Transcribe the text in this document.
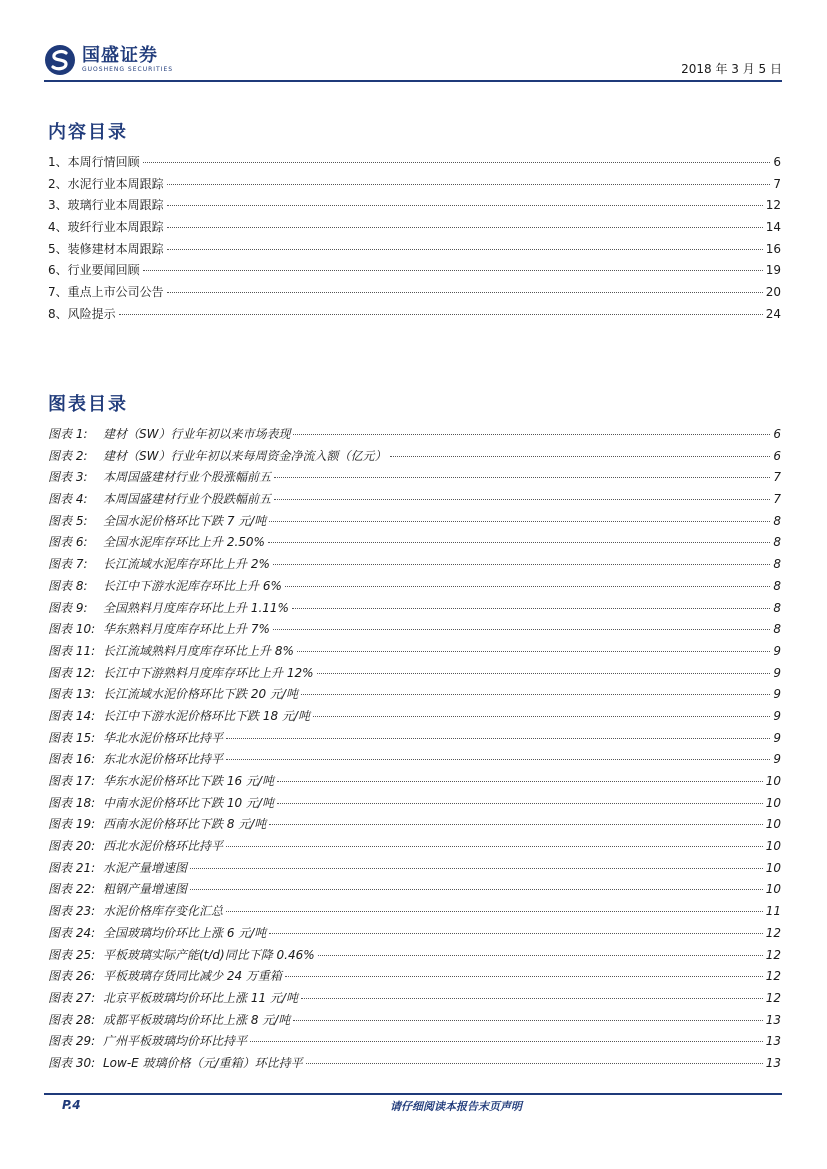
国盛证券
GUOSHENG SECURITIES	2018 年 3 月 5 日
内容目录
1、本周行情回顾	6
2、水泥行业本周跟踪	7
3、玻璃行业本周跟踪	12
4、玻纤行业本周跟踪	14
5、装修建材本周跟踪	16
6、行业要闻回顾	19
7、重点上市公司公告	20
8、风险提示	24
图表目录
图表 1: 建材（SW）行业年初以来市场表现	6
图表 2: 建材（SW）行业年初以来每周资金净流入额（亿元）	6
图表 3: 本周国盛建材行业个股涨幅前五	7
图表 4: 本周国盛建材行业个股跌幅前五	7
图表 5: 全国水泥价格环比下跌 7 元/吨	8
图表 6: 全国水泥库存环比上升 2.50%	8
图表 7: 长江流域水泥库存环比上升 2%	8
图表 8: 长江中下游水泥库存环比上升 6%	8
图表 9: 全国熟料月度库存环比上升 1.11%	8
图表 10: 华东熟料月度库存环比上升 7%	8
图表 11: 长江流域熟料月度库存环比上升 8%	9
图表 12: 长江中下游熟料月度库存环比上升 12%	9
图表 13: 长江流域水泥价格环比下跌 20 元/吨	9
图表 14: 长江中下游水泥价格环比下跌 18 元/吨	9
图表 15: 华北水泥价格环比持平	9
图表 16: 东北水泥价格环比持平	9
图表 17: 华东水泥价格环比下跌 16 元/吨	10
图表 18: 中南水泥价格环比下跌 10 元/吨	10
图表 19: 西南水泥价格环比下跌 8 元/吨	10
图表 20: 西北水泥价格环比持平	10
图表 21: 水泥产量增速图	10
图表 22: 粗钢产量增速图	10
图表 23: 水泥价格库存变化汇总	11
图表 24: 全国玻璃均价环比上涨 6 元/吨	12
图表 25: 平板玻璃实际产能(t/d)同比下降 0.46%	12
图表 26: 平板玻璃存货同比减少 24 万重箱	12
图表 27: 北京平板玻璃均价环比上涨 11 元/吨	12
图表 28: 成都平板玻璃均价环比上涨 8 元/吨	13
图表 29: 广州平板玻璃均价环比持平	13
图表 30: Low-E 玻璃价格（元/重箱）环比持平	13
P.4	请仔细阅读本报告末页声明
